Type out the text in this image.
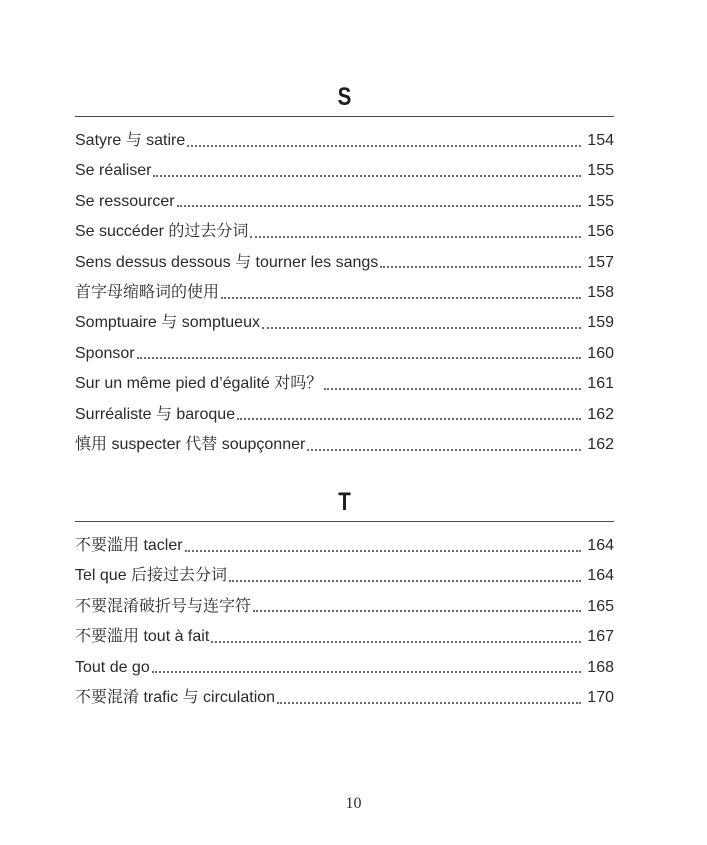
S
Satyre 与 satire	154
Se réaliser	155
Se ressourcer	155
Se succéder 的过去分词	156
Sens dessus dessous 与 tourner les sangs	157
首字母缩略词的使用	158
Somptuaire 与 somptueux	159
Sponsor	160
Sur un même pied d’égalité 对吗？	161
Surréaliste 与 baroque	162
慎用 suspecter 代替 soupçonner	162
T
不要滥用 tacler	164
Tel que 后接过去分词	164
不要混淆破折号与连字符	165
不要滥用 tout à fait	167
Tout de go	168
不要混淆 trafic 与 circulation	170
10
